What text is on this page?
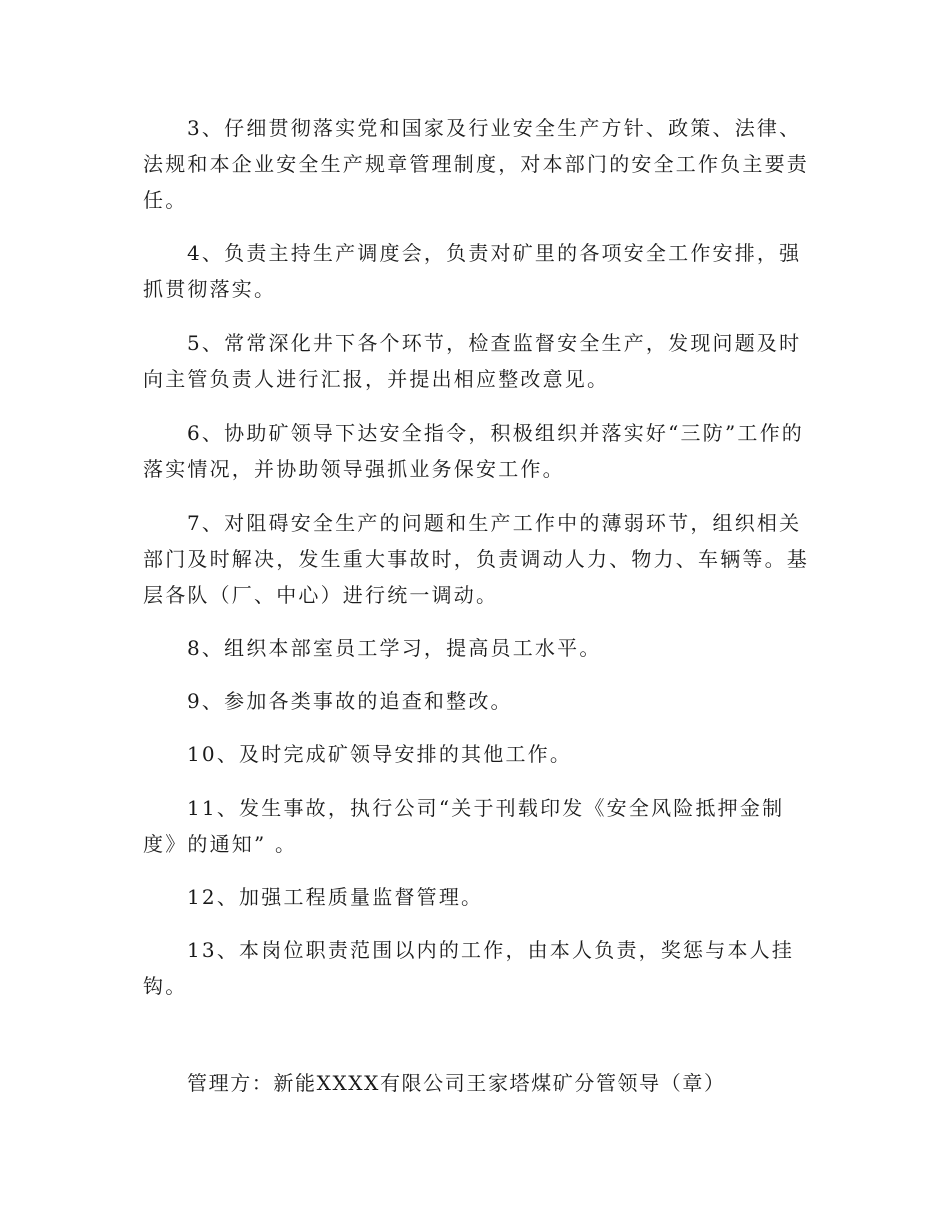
3、仔细贯彻落实党和国家及行业安全生产方针、政策、法律、法规和本企业安全生产规章管理制度，对本部门的安全工作负主要责任。

4、负责主持生产调度会，负责对矿里的各项安全工作安排，强抓贯彻落实。

5、常常深化井下各个环节，检查监督安全生产，发现问题及时向主管负责人进行汇报，并提出相应整改意见。

6、协助矿领导下达安全指令，积极组织并落实好“三防”工作的落实情况，并协助领导强抓业务保安工作。

7、对阻碍安全生产的问题和生产工作中的薄弱环节，组织相关部门及时解决，发生重大事故时，负责调动人力、物力、车辆等。基层各队（厂、中心）进行统一调动。

8、组织本部室员工学习，提高员工水平。

9、参加各类事故的追查和整改。

10、及时完成矿领导安排的其他工作。

11、发生事故，执行公司“关于刊载印发《安全风险抵押金制度》的通知” 。

12、加强工程质量监督管理。

13、本岗位职责范围以内的工作，由本人负责，奖惩与本人挂钩。

管理方：新能XXXX有限公司王家塔煤矿分管领导（章）
